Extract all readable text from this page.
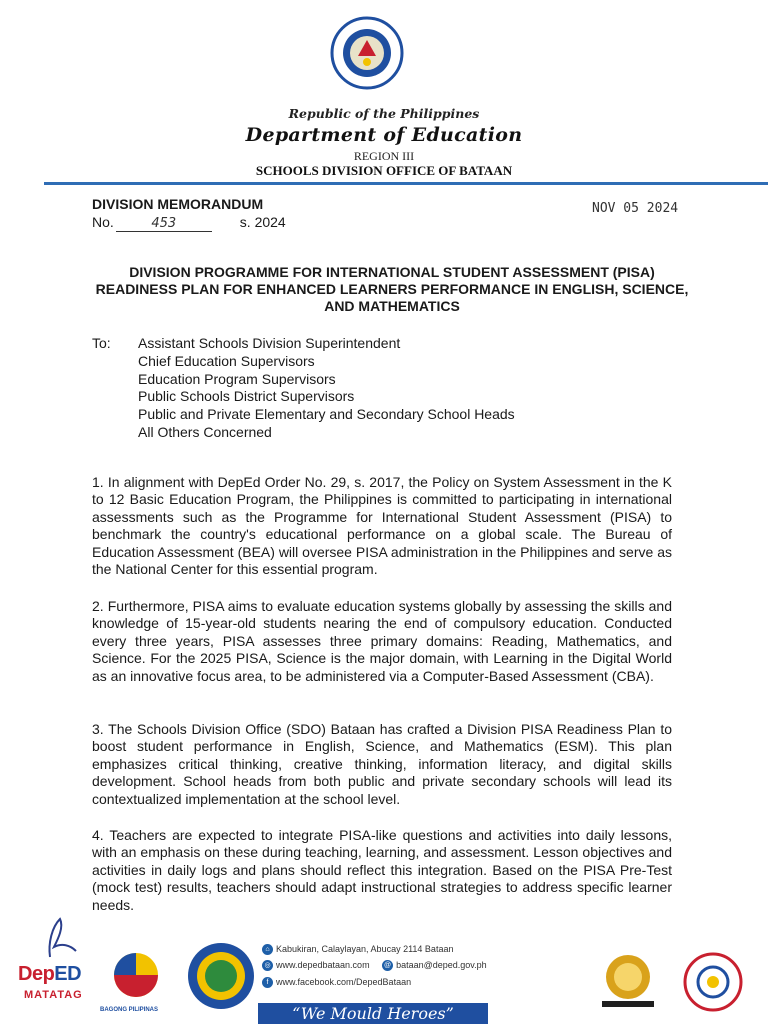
Republic of the Philippines
Department of Education
REGION III
SCHOOLS DIVISION OFFICE OF BATAAN
DIVISION MEMORANDUM
No.	453	s. 2024
NOV 05 2024
DIVISION PROGRAMME FOR INTERNATIONAL STUDENT ASSESSMENT (PISA) READINESS PLAN FOR ENHANCED LEARNERS PERFORMANCE IN ENGLISH, SCIENCE, AND MATHEMATICS
To: Assistant Schools Division Superintendent
Chief Education Supervisors
Education Program Supervisors
Public Schools District Supervisors
Public and Private Elementary and Secondary School Heads
All Others Concerned

1. In alignment with DepEd Order No. 29, s. 2017, the Policy on System Assessment in the K to 12 Basic Education Program, the Philippines is committed to participating in international assessments such as the Programme for International Student Assessment (PISA) to benchmark the country's educational performance on a global scale. The Bureau of Education Assessment (BEA) will oversee PISA administration in the Philippines and serve as the National Center for this essential program.

2. Furthermore, PISA aims to evaluate education systems globally by assessing the skills and knowledge of 15-year-old students nearing the end of compulsory education. Conducted every three years, PISA assesses three primary domains: Reading, Mathematics, and Science. For the 2025 PISA, Science is the major domain, with Learning in the Digital World as an innovative focus area, to be administered via a Computer-Based Assessment (CBA).

3. The Schools Division Office (SDO) Bataan has crafted a Division PISA Readiness Plan to boost student performance in English, Science, and Mathematics (ESM). This plan emphasizes critical thinking, creative thinking, information literacy, and digital skills development. School heads from both public and private secondary schools will lead its contextualized implementation at the school level.

4. Teachers are expected to integrate PISA-like questions and activities into daily lessons, with an emphasis on these during teaching, learning, and assessment. Lesson objectives and activities in daily logs and plans should reflect this integration. Based on the PISA Pre-Test (mock test) results, teachers should adapt instructional strategies to address specific learner needs.

DepED
MATATAG
BAGONG PILIPINAS
⌂ Kabukiran, Calaylayan, Abucay 2114 Bataan
◎ www.depedbataan.com @ bataan@deped.gov.ph
f www.facebook.com/DepedBataan
“We Mould Heroes”
